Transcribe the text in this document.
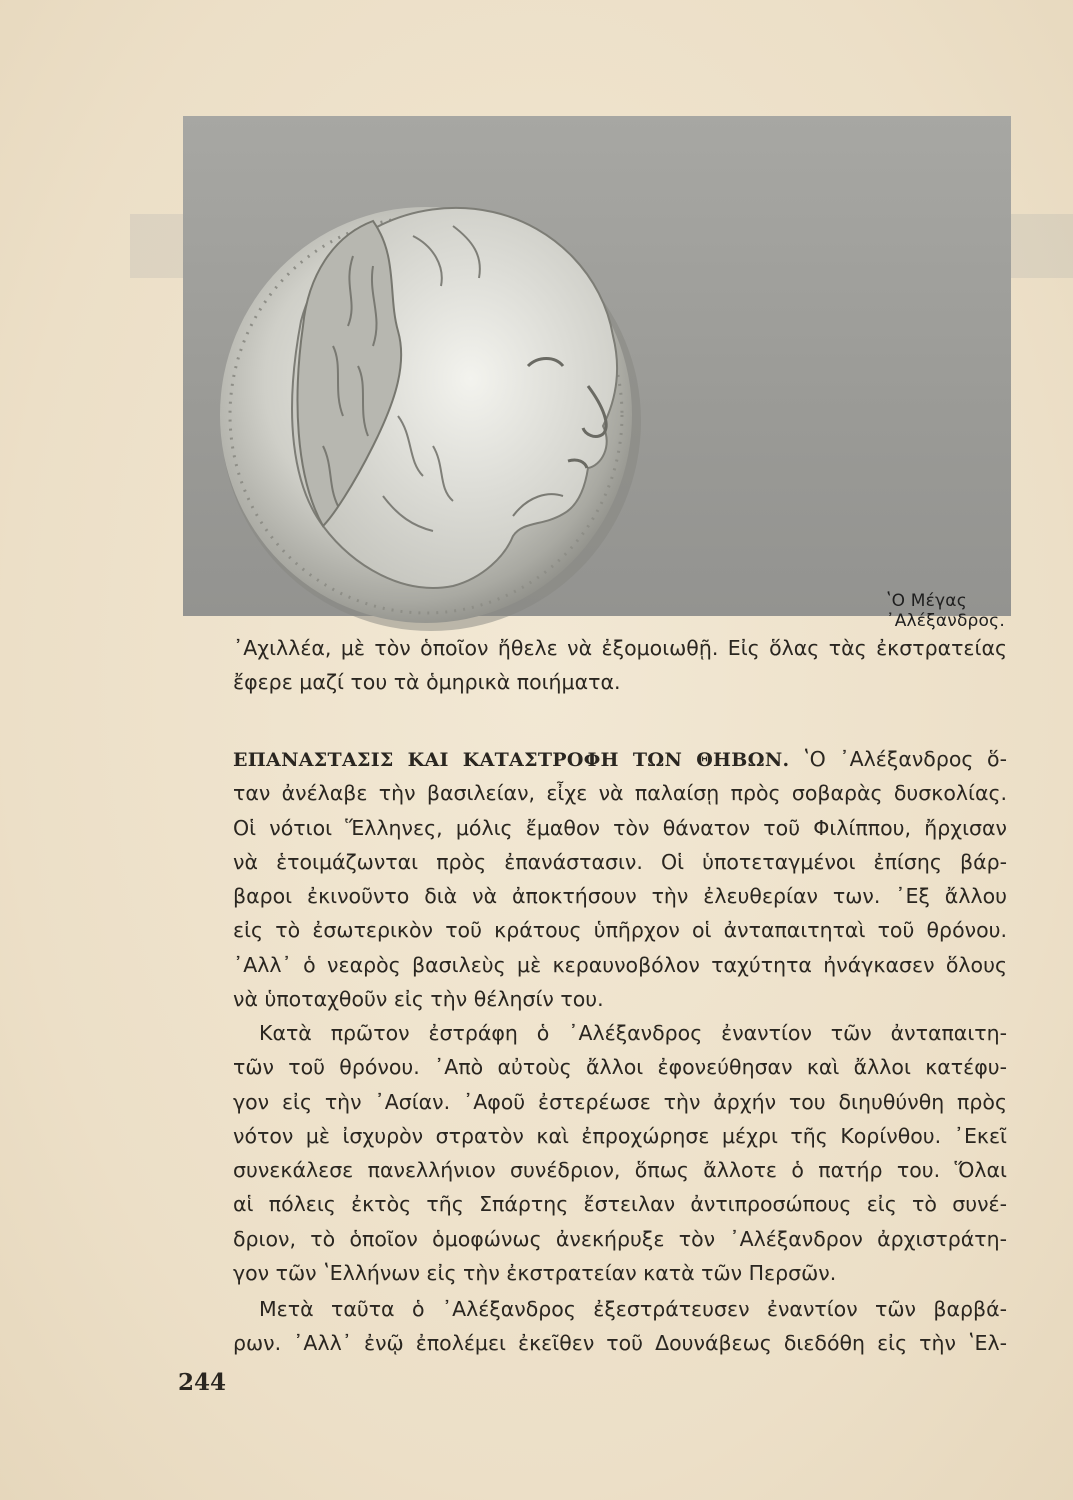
ʽΟ Μέγας ᾿Αλέξανδρος.
᾿Αχιλλέα, μὲ τὸν ὁποῖον ἤθελε νὰ ἐξομοιωθῇ. Εἰς ὅλας τὰς ἐκστρατείας
ἔφερε μαζί του τὰ ὁμηρικὰ ποιήματα.
ΕΠΑΝΑΣΤΑΣΙΣ ΚΑΙ ΚΑΤΑΣΤΡΟΦΗ ΤΩΝ ΘΗΒΩΝ. ʽΟ ᾿Αλέξανδρος ὅ-
ταν ἀνέλαβε τὴν βασιλείαν, εἶχε νὰ παλαίσῃ πρὸς σοβαρὰς δυσκολίας.
Οἱ νότιοι Ἕλληνες, μόλις ἔμαθον τὸν θάνατον τοῦ Φιλίππου, ἤρχισαν
νὰ ἑτοιμάζωνται πρὸς ἐπανάστασιν. Οἱ ὑποτεταγμένοι ἐπίσης βάρ-
βαροι ἐκινοῦντο διὰ νὰ ἀποκτήσουν τὴν ἐλευθερίαν των. ᾿Εξ ἄλλου
εἰς τὸ ἐσωτερικὸν τοῦ κράτους ὑπῆρχον οἱ ἀνταπαιτηταὶ τοῦ θρόνου.
᾿Αλλ᾿ ὁ νεαρὸς βασιλεὺς μὲ κεραυνοβόλον ταχύτητα ἠνάγκασεν ὅλους
νὰ ὑποταχθοῦν εἰς τὴν θέλησίν του.
Κατὰ πρῶτον ἐστράφη ὁ ᾿Αλέξανδρος ἐναντίον τῶν ἀνταπαιτη-
τῶν τοῦ θρόνου. ᾿Απὸ αὐτοὺς ἄλλοι ἐφονεύθησαν καὶ ἄλλοι κατέφυ-
γον εἰς τὴν ᾿Ασίαν. ᾿Αφοῦ ἐστερέωσε τὴν ἀρχήν του διηυθύνθη πρὸς
νότον μὲ ἰσχυρὸν στρατὸν καὶ ἐπροχώρησε μέχρι τῆς Κορίνθου. ᾿Εκεῖ
συνεκάλεσε πανελλήνιον συνέδριον, ὅπως ἄλλοτε ὁ πατήρ του. Ὅλαι
αἱ πόλεις ἐκτὸς τῆς Σπάρτης ἔστειλαν ἀντιπροσώπους εἰς τὸ συνέ-
δριον, τὸ ὁποῖον ὁμοφώνως ἀνεκήρυξε τὸν ᾿Αλέξανδρον ἀρχιστράτη-
γον τῶν ʽΕλλήνων εἰς τὴν ἐκστρατείαν κατὰ τῶν Περσῶν.
Μετὰ ταῦτα ὁ ᾿Αλέξανδρος ἐξεστράτευσεν ἐναντίον τῶν βαρβά-
ρων. ᾿Αλλ᾿ ἐνῷ ἐπολέμει ἐκεῖθεν τοῦ Δουνάβεως διεδόθη εἰς τὴν ʽΕλ-
244
